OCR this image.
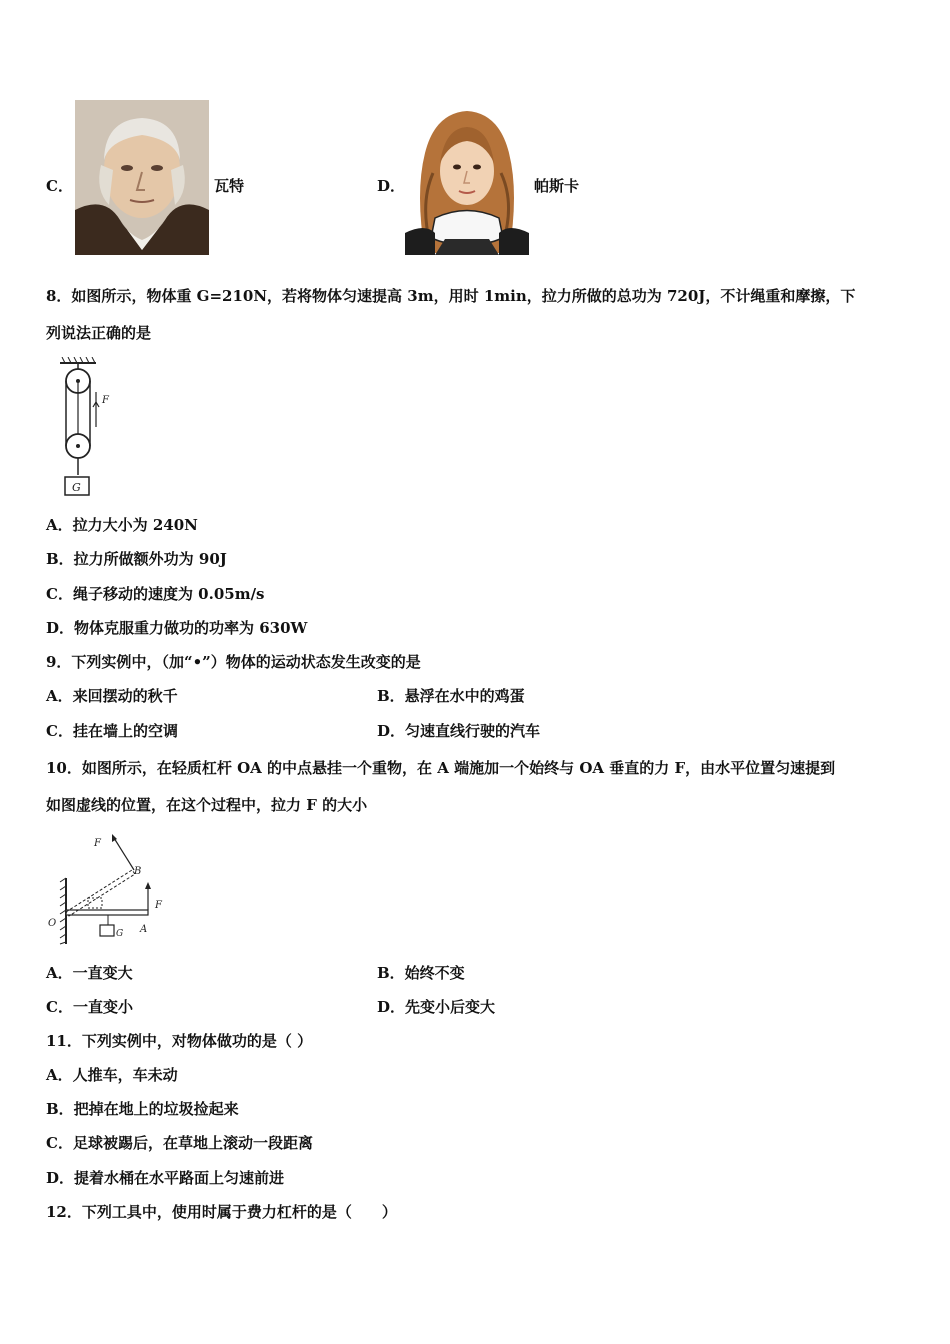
C．	瓦特	D．	帕斯卡
8．如图所示，物体重 G=210N，若将物体匀速提高 3m，用时 1min，拉力所做的总功为 720J，不计绳重和摩擦，下
列说法正确的是
F
G
A．拉力大小为 240N
B．拉力所做额外功为 90J
C．绳子移动的速度为 0.05m/s
D．物体克服重力做功的功率为 630W
9．下列实例中，（加“•”）物体的运动状态发生改变的是
A．来回摆动的秋千	B．悬浮在水中的鸡蛋
C．挂在墙上的空调	D．匀速直线行驶的汽车
10．如图所示，在轻质杠杆 OA 的中点悬挂一个重物，在 A 端施加一个始终与 OA 垂直的力 F，由水平位置匀速提到
如图虚线的位置，在这个过程中，拉力 F 的大小
O
G A
F
F
B
A．一直变大	B．始终不变
C．一直变小	D．先变小后变大
11．下列实例中，对物体做功的是（ ）
A．人推车，车未动
B．把掉在地上的垃圾捡起来
C．足球被踢后，在草地上滚动一段距离
D．提着水桶在水平路面上匀速前进
12．下列工具中，使用时属于费力杠杆的是（　　）
